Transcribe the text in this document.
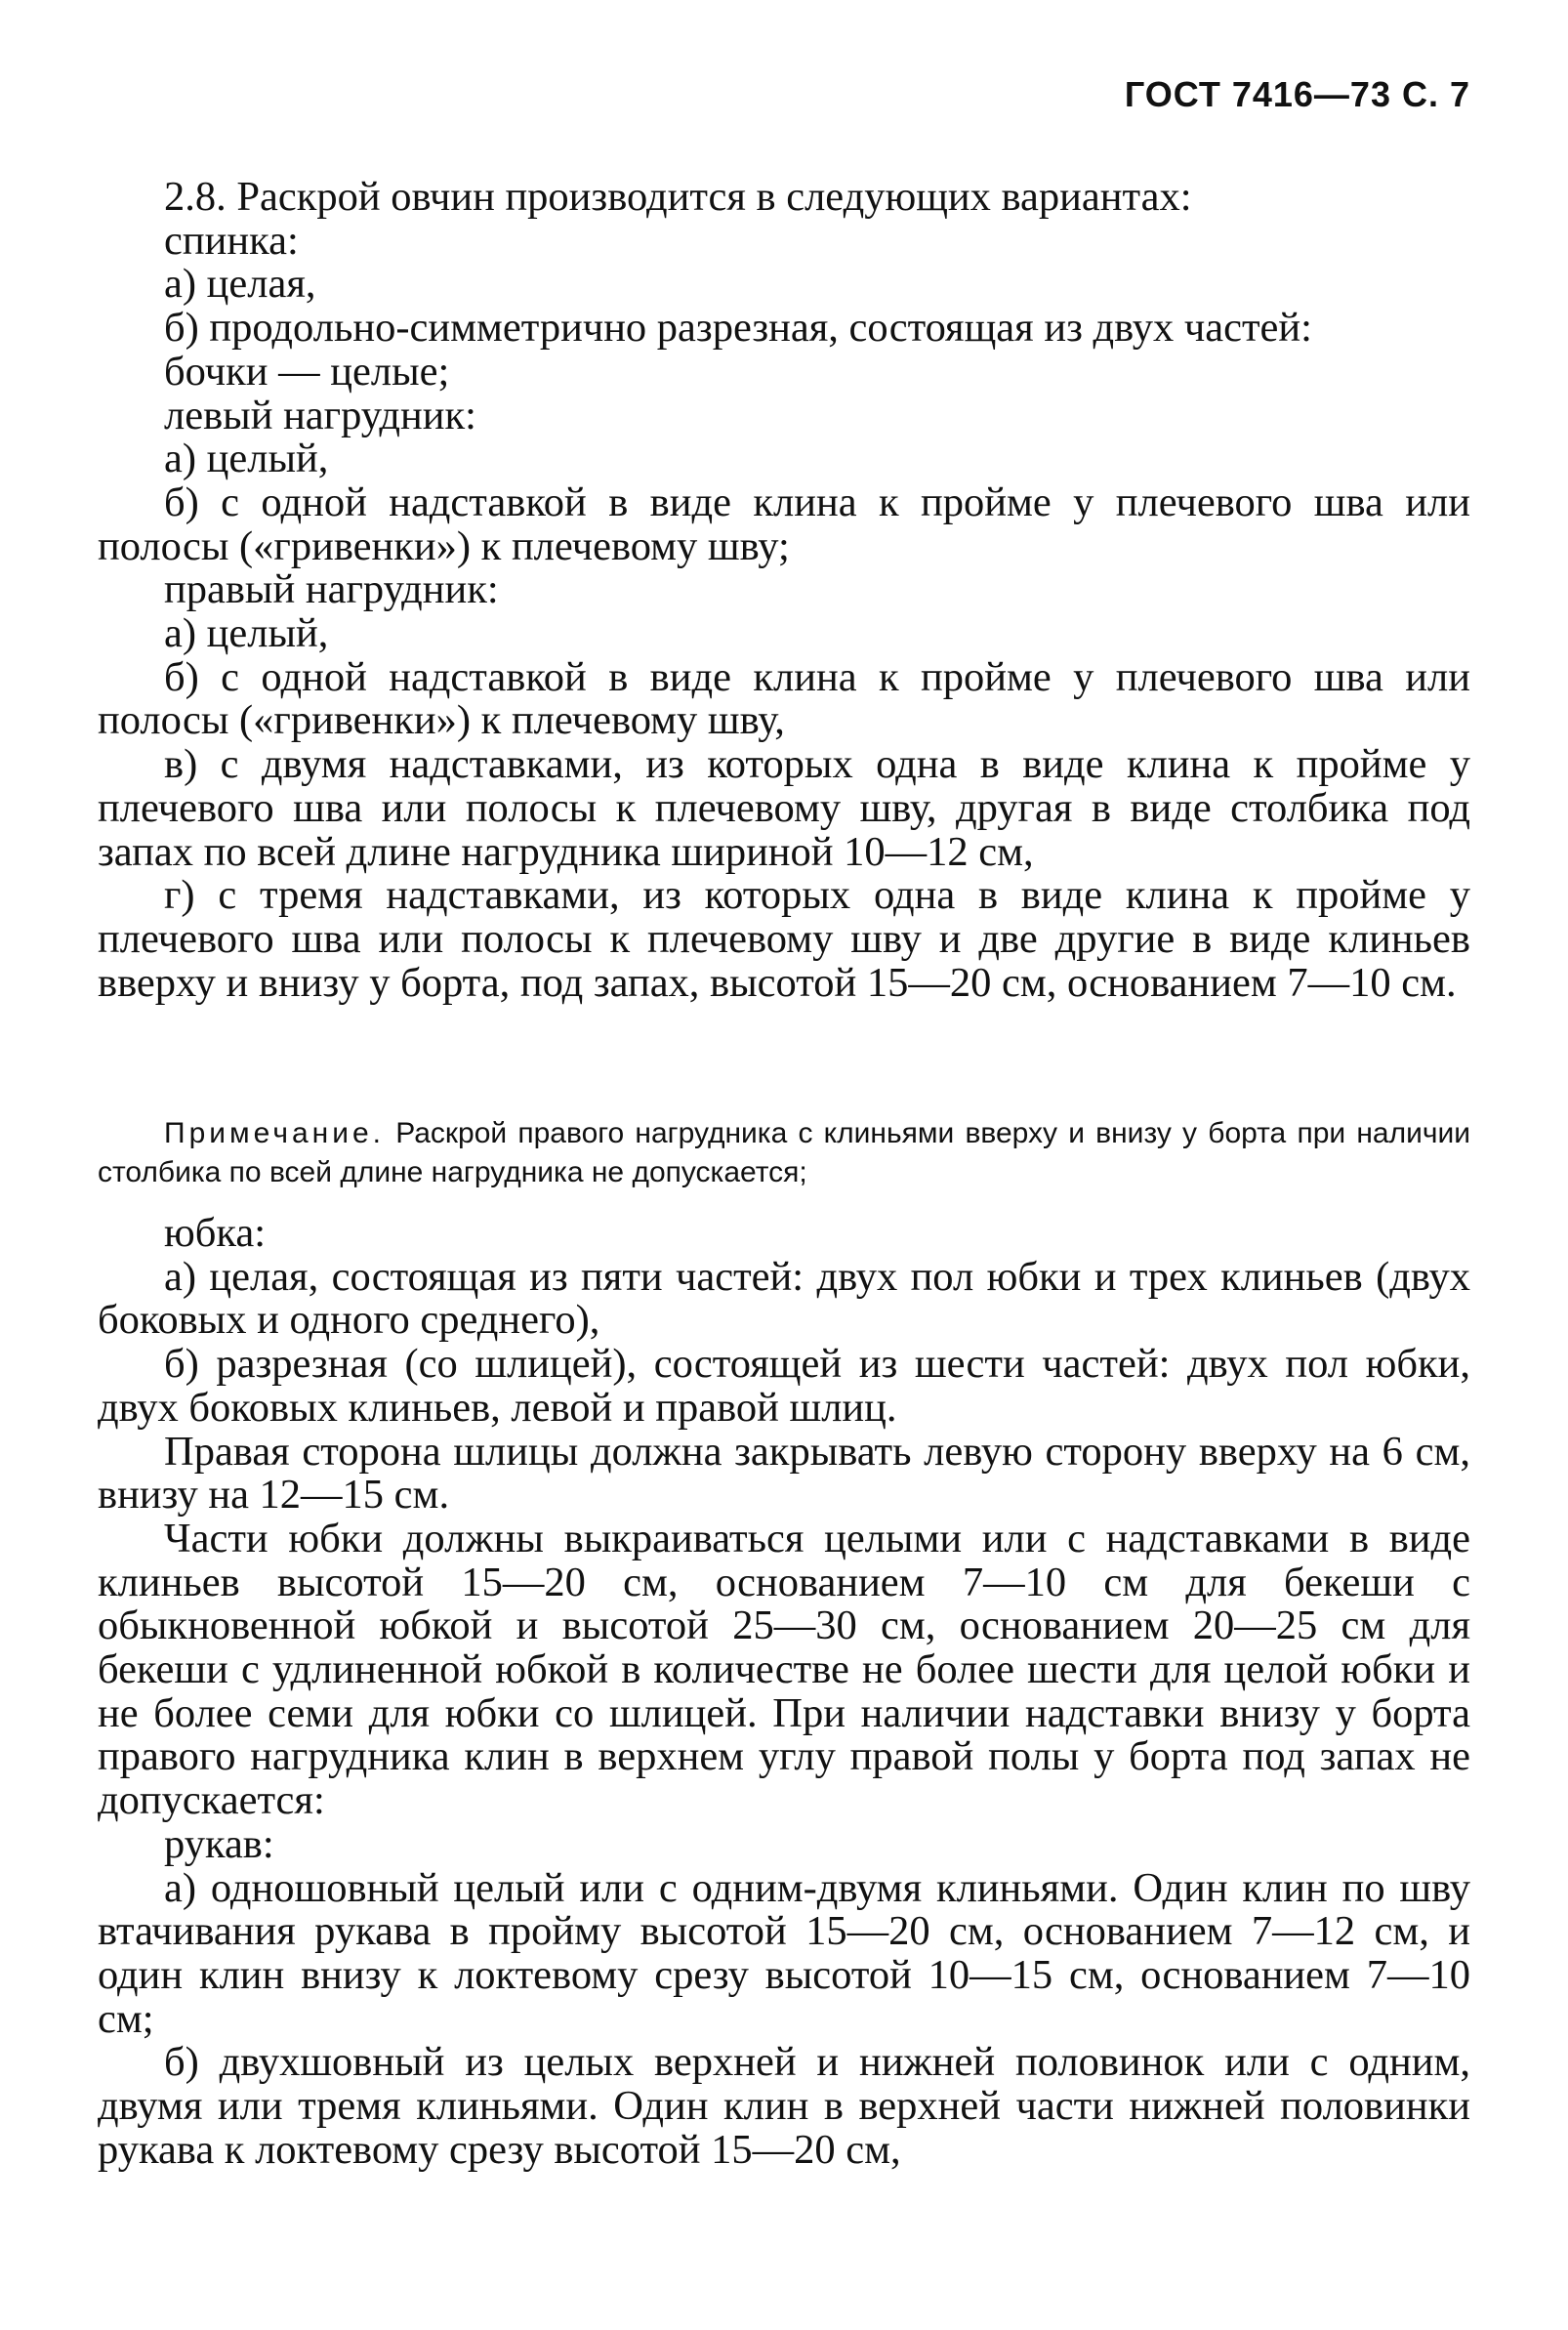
ГОСТ 7416—73 С. 7

2.8. Раскрой овчин производится в следующих вариантах:

спинка:

а) целая,

б) продольно-симметрично разрезная, состоящая из двух частей:

бочки — целые;

левый нагрудник:

а) целый,

б) с одной надставкой в виде клина к пройме у плечевого шва или полосы («гривенки») к плечевому шву;

правый нагрудник:

а) целый,

б) с одной надставкой в виде клина к пройме у плечевого шва или полосы («гривенки») к плечевому шву,

в) с двумя надставками, из которых одна в виде клина к пройме у плечевого шва или полосы к плечевому шву, другая в виде столбика под запах по всей длине нагрудника шириной 10—12 см,

г) с тремя надставками, из которых одна в виде клина к пройме у плечевого шва или полосы к плечевому шву и две другие в виде клиньев вверху и внизу у борта, под запах, высотой 15—20 см, основанием 7—10 см.

Примечание. Раскрой правого нагрудника с клиньями вверху и внизу у борта при наличии столбика по всей длине нагрудника не допускается;

юбка:

а) целая, состоящая из пяти частей: двух пол юбки и трех клиньев (двух боковых и одного среднего),

б) разрезная (со шлицей), состоящей из шести частей: двух пол юбки, двух боковых клиньев, левой и правой шлиц.

Правая сторона шлицы должна закрывать левую сторону вверху на 6 см, внизу на 12—15 см.

Части юбки должны выкраиваться целыми или с надставками в виде клиньев высотой 15—20 см, основанием 7—10 см для бекеши с обыкновенной юбкой и высотой 25—30 см, основанием 20—25 см для бекеши с удлиненной юбкой в количестве не более шести для целой юбки и не более семи для юбки со шлицей. При наличии надставки внизу у борта правого нагрудника клин в верхнем углу правой полы у борта под запах не допускается:

рукав:

а) одношовный целый или с одним-двумя клиньями. Один клин по шву втачивания рукава в пройму высотой 15—20 см, основанием 7—12 см, и один клин внизу к локтевому срезу высотой 10—15 см, основанием 7—10 см;

б) двухшовный из целых верхней и нижней половинок или с одним, двумя или тремя клиньями. Один клин в верхней части нижней половинки рукава к локтевому срезу высотой 15—20 см,
